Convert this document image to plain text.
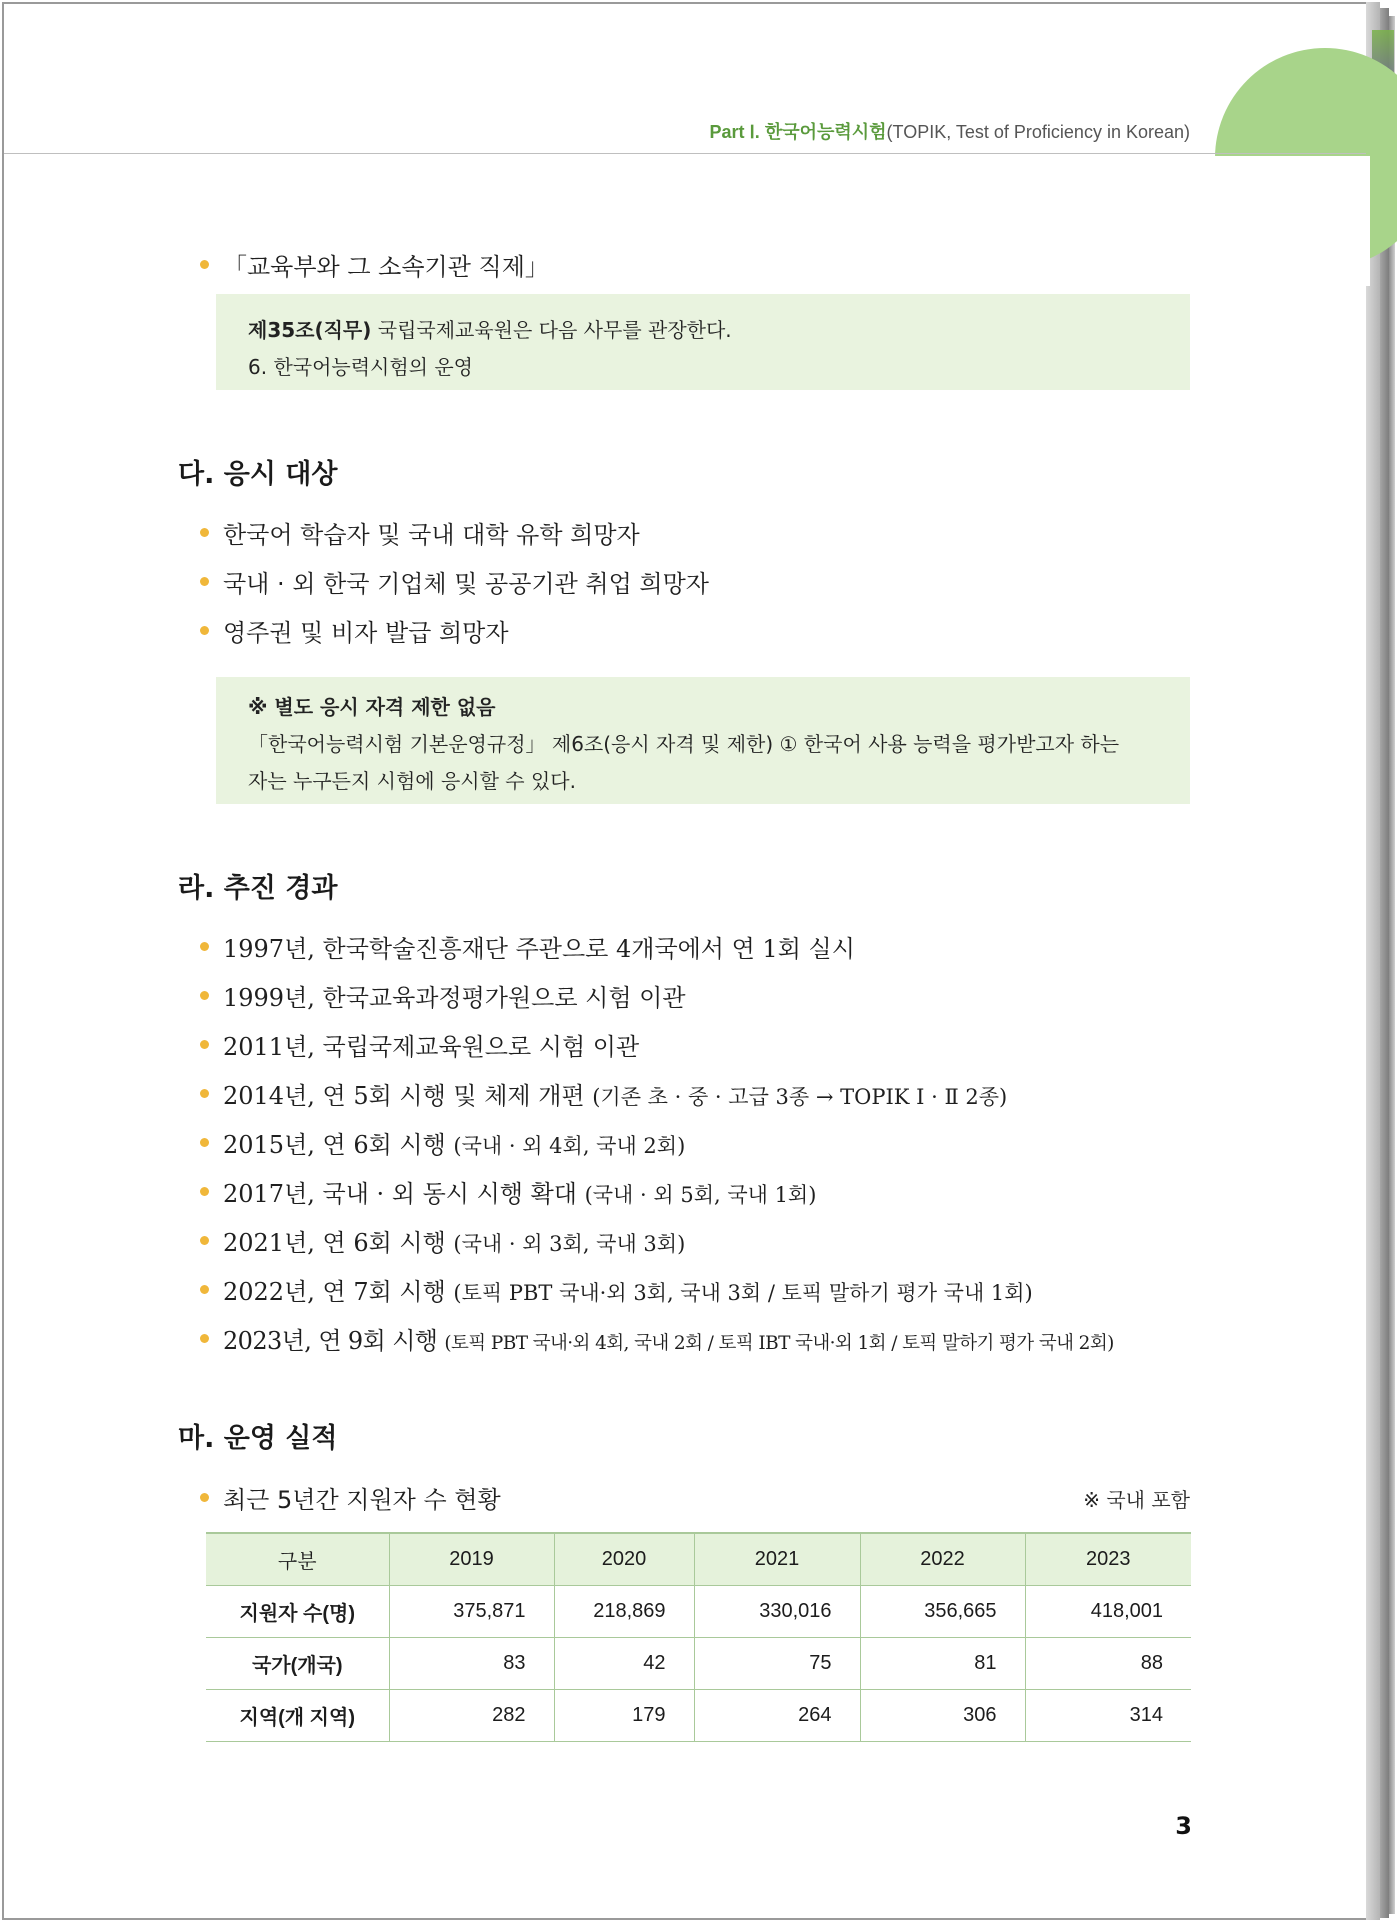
Part Ⅰ. 한국어능력시험(TOPIK, Test of Proficiency in Korean)
「교육부와 그 소속기관 직제」
제35조(직무) 국립국제교육원은 다음 사무를 관장한다.
6. 한국어능력시험의 운영
다. 응시 대상
한국어 학습자 및 국내 대학 유학 희망자
국내 · 외 한국 기업체 및 공공기관 취업 희망자
영주권 및 비자 발급 희망자
※ 별도 응시 자격 제한 없음
「한국어능력시험 기본운영규정」 제6조(응시 자격 및 제한) ① 한국어 사용 능력을 평가받고자 하는
자는 누구든지 시험에 응시할 수 있다.
라. 추진 경과
1997년, 한국학술진흥재단 주관으로 4개국에서 연 1회 실시
1999년, 한국교육과정평가원으로 시험 이관
2011년, 국립국제교육원으로 시험 이관
2014년, 연 5회 시행 및 체제 개편 (기존 초 · 중 · 고급 3종 → TOPIK Ⅰ · Ⅱ 2종)
2015년, 연 6회 시행 (국내 · 외 4회, 국내 2회)
2017년, 국내 · 외 동시 시행 확대 (국내 · 외 5회, 국내 1회)
2021년, 연 6회 시행 (국내 · 외 3회, 국내 3회)
2022년, 연 7회 시행 (토픽 PBT 국내·외 3회, 국내 3회 / 토픽 말하기 평가 국내 1회)
2023년, 연 9회 시행 (토픽 PBT 국내·외 4회, 국내 2회 / 토픽 IBT 국내·외 1회 / 토픽 말하기 평가 국내 2회)
마. 운영 실적
최근 5년간 지원자 수 현황	※ 국내 포함
구분	2019	2020	2021	2022	2023
지원자 수(명)	375,871	218,869	330,016	356,665	418,001
국가(개국)	83	42	75	81	88
지역(개 지역)	282	179	264	306	314
3
